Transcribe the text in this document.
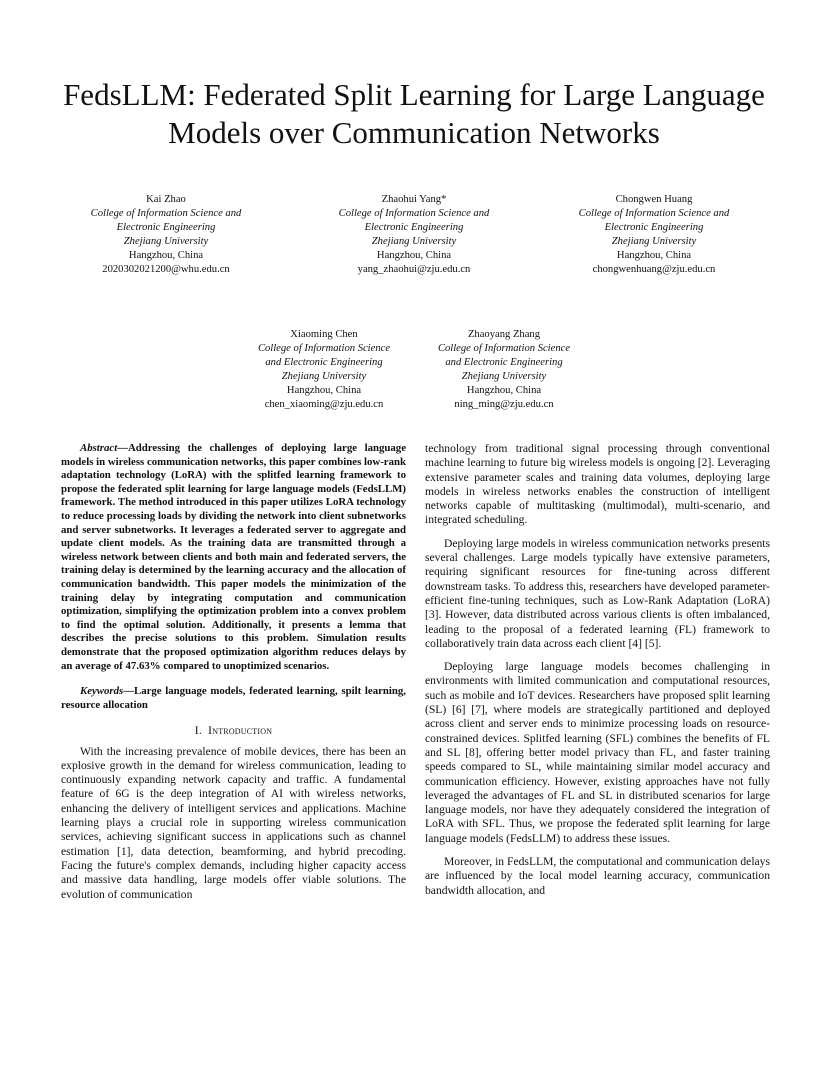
FedsLLM: Federated Split Learning for Large Language Models over Communication Networks
Kai Zhao
College of Information Science and
Electronic Engineering
Zhejiang University
Hangzhou, China
2020302021200@whu.edu.cn
Zhaohui Yang*
College of Information Science and
Electronic Engineering
Zhejiang University
Hangzhou, China
yang_zhaohui@zju.edu.cn
Chongwen Huang
College of Information Science and
Electronic Engineering
Zhejiang University
Hangzhou, China
chongwenhuang@zju.edu.cn
Xiaoming Chen
College of Information Science
and Electronic Engineering
Zhejiang University
Hangzhou, China
chen_xiaoming@zju.edu.cn
Zhaoyang Zhang
College of Information Science
and Electronic Engineering
Zhejiang University
Hangzhou, China
ning_ming@zju.edu.cn

Abstract—Addressing the challenges of deploying large language models in wireless communication networks, this paper combines low-rank adaptation technology (LoRA) with the splitfed learning framework to propose the federated split learning for large language models (FedsLLM) framework. The method introduced in this paper utilizes LoRA technology to reduce processing loads by dividing the network into client subnetworks and server subnetworks. It leverages a federated server to aggregate and update client models. As the training data are transmitted through a wireless network between clients and both main and federated servers, the training delay is determined by the learning accuracy and the allocation of communication bandwidth. This paper models the minimization of the training delay by integrating computation and communication optimization, simplifying the optimization problem into a convex problem to find the optimal solution. Additionally, it presents a lemma that describes the precise solutions to this problem. Simulation results demonstrate that the proposed optimization algorithm reduces delays by an average of 47.63% compared to unoptimized scenarios.

Keywords—Large language models, federated learning, spilt learning, resource allocation

I. Introduction

With the increasing prevalence of mobile devices, there has been an explosive growth in the demand for wireless communication, leading to continuously expanding network capacity and traffic. A fundamental feature of 6G is the deep integration of AI with wireless networks, enhancing the delivery of intelligent services and applications. Machine learning plays a crucial role in supporting wireless communication services, achieving significant success in applications such as channel estimation [1], data detection, beamforming, and hybrid precoding. Facing the future's complex demands, including higher capacity access and massive data handling, large models offer viable solutions. The evolution of communication

technology from traditional signal processing through conventional machine learning to future big wireless models is ongoing [2]. Leveraging extensive parameter scales and training data volumes, deploying large models in wireless networks enables the construction of intelligent networks capable of multitasking (multimodal), multi-scenario, and integrated scheduling.

Deploying large models in wireless communication networks presents several challenges. Large models typically have extensive parameters, requiring significant resources for fine-tuning across different downstream tasks. To address this, researchers have developed parameter-efficient fine-tuning techniques, such as Low-Rank Adaptation (LoRA) [3]. However, data distributed across various clients is often imbalanced, leading to the proposal of a federated learning (FL) framework to collaboratively train data across each client [4] [5].

Deploying large language models becomes challenging in environments with limited communication and computational resources, such as mobile and IoT devices. Researchers have proposed split learning (SL) [6] [7], where models are strategically partitioned and deployed across client and server ends to minimize processing loads on resource-constrained devices. Splitfed learning (SFL) combines the benefits of FL and SL [8], offering better model privacy than FL, and faster training speeds compared to SL, while maintaining similar model accuracy and communication efficiency. However, existing approaches have not fully leveraged the advantages of FL and SL in distributed scenarios for large language models, nor have they adequately considered the integration of LoRA with SFL. Thus, we propose the federated split learning for large language models (FedsLLM) to address these issues.

Moreover, in FedsLLM, the computational and communication delays are influenced by the local model learning accuracy, communication bandwidth allocation, and
